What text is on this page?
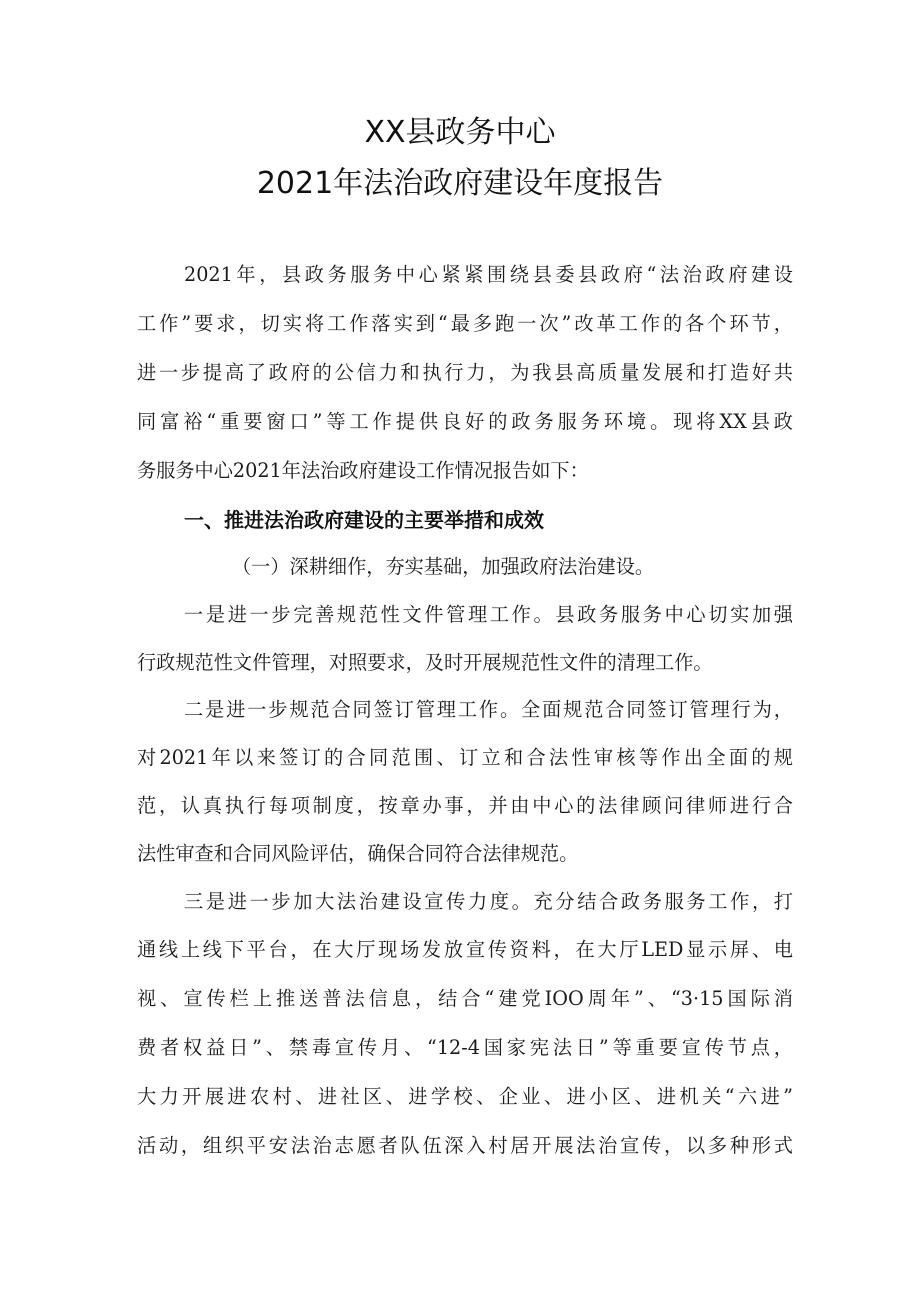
XX县政务中心
2021年法治政府建设年度报告
2021年，县政务服务中心紧紧围绕县委县政府“法治政府建设
工作”要求，切实将工作落实到“最多跑一次”改革工作的各个环节，
进一步提高了政府的公信力和执行力，为我县高质量发展和打造好共
同富裕“重要窗口”等工作提供良好的政务服务环境。现将XX县政
务服务中心2021年法治政府建设工作情况报告如下：
一、推进法治政府建设的主要举措和成效
（一）深耕细作，夯实基础，加强政府法治建设。
一是进一步完善规范性文件管理工作。县政务服务中心切实加强
行政规范性文件管理，对照要求，及时开展规范性文件的清理工作。
二是进一步规范合同签订管理工作。全面规范合同签订管理行为，
对2021年以来签订的合同范围、订立和合法性审核等作出全面的规
范，认真执行每项制度，按章办事，并由中心的法律顾问律师进行合
法性审查和合同风险评估，确保合同符合法律规范。
三是进一步加大法治建设宣传力度。充分结合政务服务工作，打
通线上线下平台，在大厅现场发放宣传资料，在大厅LED显示屏、电
视、宣传栏上推送普法信息，结合“建党IOO周年”、“3·15国际消
费者权益日”、禁毒宣传月、“12-4国家宪法日”等重要宣传节点，
大力开展进农村、进社区、进学校、企业、进小区、进机关“六进”
活动，组织平安法治志愿者队伍深入村居开展法治宣传，以多种形式
